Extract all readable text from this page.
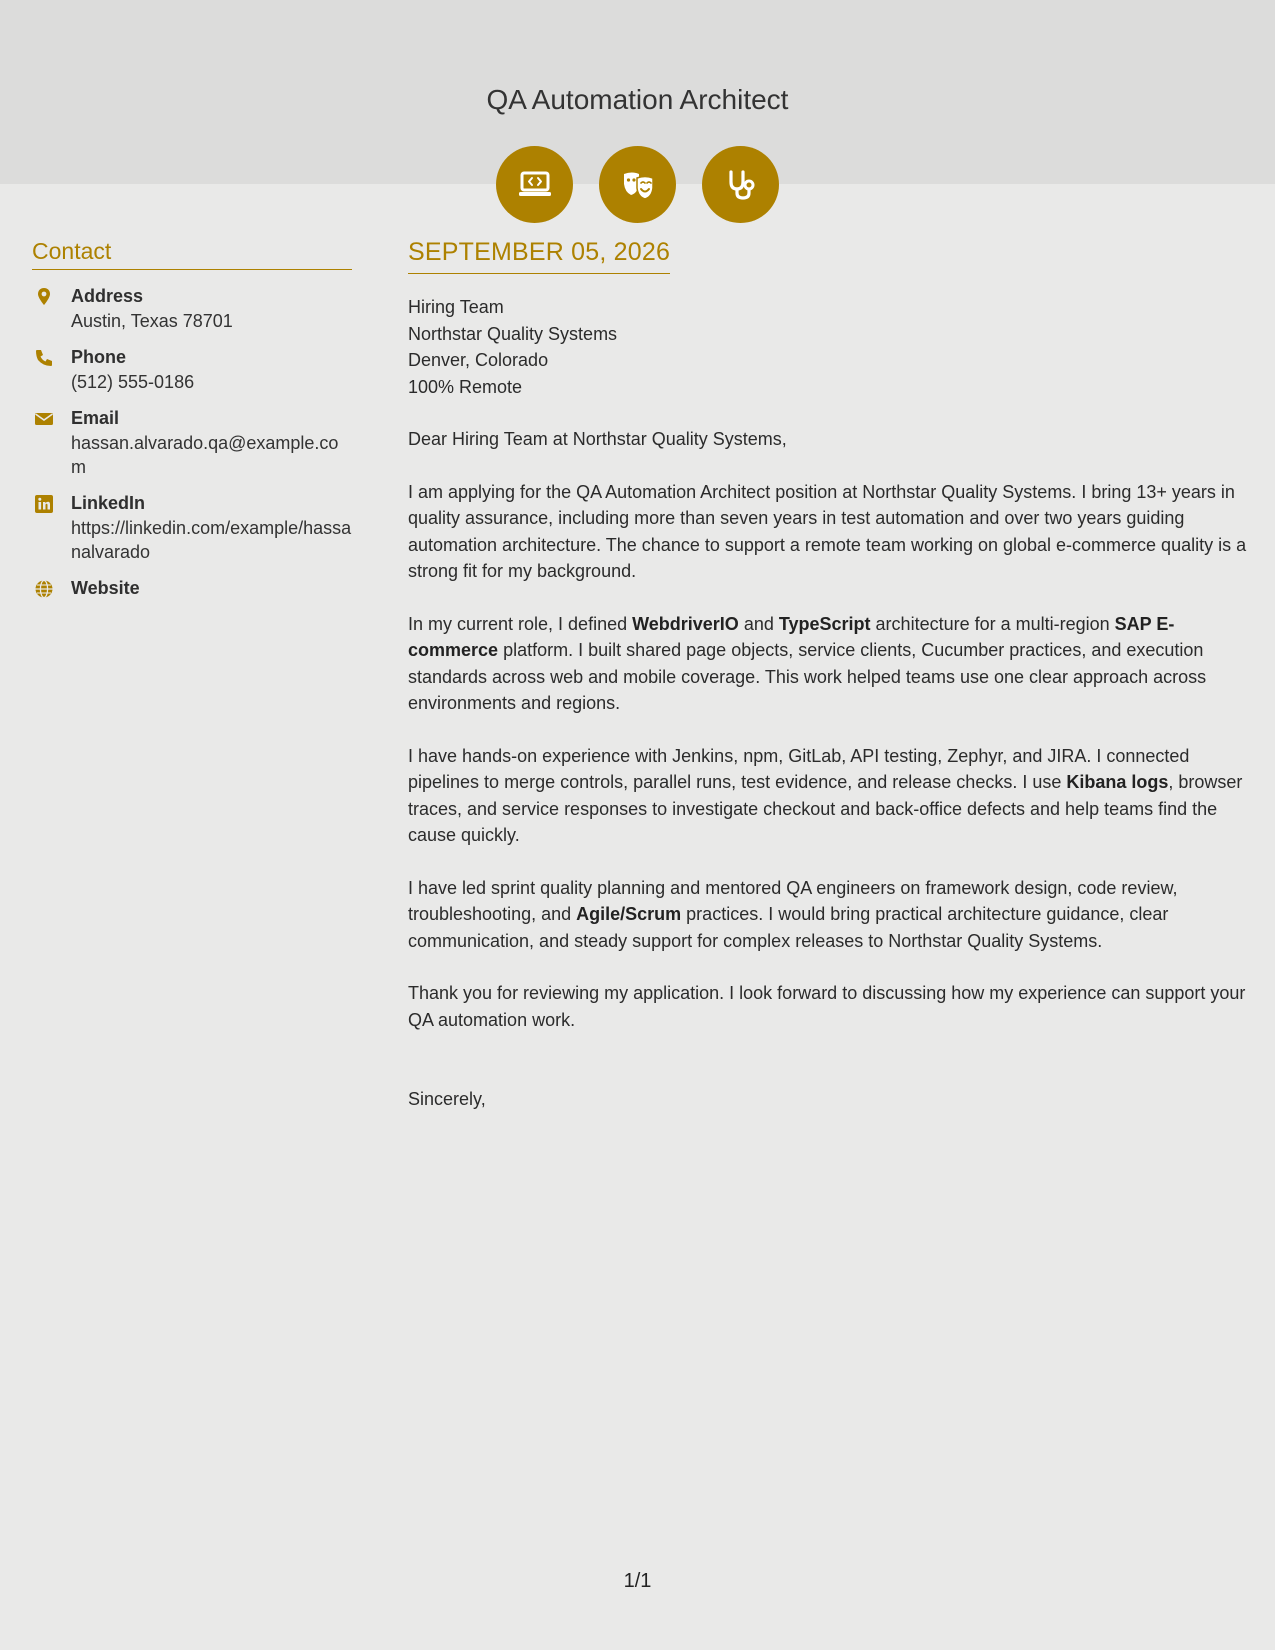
QA Automation Architect
Contact
Address
Austin, Texas 78701
Phone
(512) 555-0186
Email
hassan.alvarado.qa@example.com
LinkedIn
https://linkedin.com/example/hassanalvarado
Website
SEPTEMBER 05, 2026
Hiring Team
Northstar Quality Systems
Denver, Colorado
100% Remote
Dear Hiring Team at Northstar Quality Systems,
I am applying for the QA Automation Architect position at Northstar Quality Systems. I bring 13+ years in quality assurance, including more than seven years in test automation and over two years guiding automation architecture. The chance to support a remote team working on global e-commerce quality is a strong fit for my background.
In my current role, I defined WebdriverIO and TypeScript architecture for a multi-region SAP E-commerce platform. I built shared page objects, service clients, Cucumber practices, and execution standards across web and mobile coverage. This work helped teams use one clear approach across environments and regions.
I have hands-on experience with Jenkins, npm, GitLab, API testing, Zephyr, and JIRA. I connected pipelines to merge controls, parallel runs, test evidence, and release checks. I use Kibana logs, browser traces, and service responses to investigate checkout and back-office defects and help teams find the cause quickly.
I have led sprint quality planning and mentored QA engineers on framework design, code review, troubleshooting, and Agile/Scrum practices. I would bring practical architecture guidance, clear communication, and steady support for complex releases to Northstar Quality Systems.
Thank you for reviewing my application. I look forward to discussing how my experience can support your QA automation work.
Sincerely,
1/1
